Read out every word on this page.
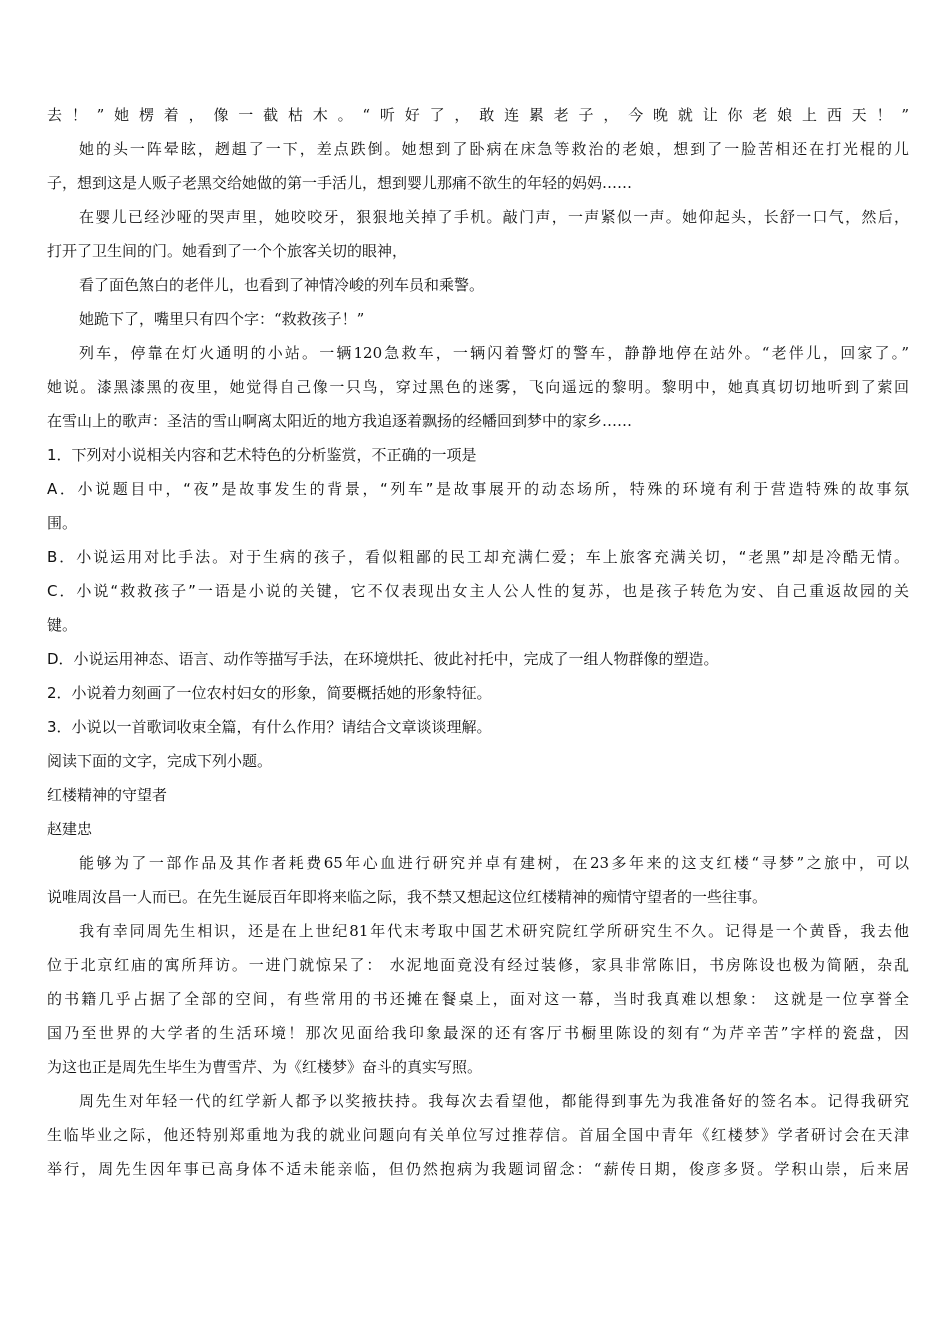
去！”她楞着，像一截枯木。“听好了，敢连累老子，今晚就让你老娘上西天！”
她的头一阵晕眩，趔趄了一下，差点跌倒。她想到了卧病在床急等救治的老娘，想到了一脸苦相还在打光棍的儿
子，想到这是人贩子老黑交给她做的第一手活儿，想到婴儿那痛不欲生的年轻的妈妈……
在婴儿已经沙哑的哭声里，她咬咬牙，狠狠地关掉了手机。敲门声，一声紧似一声。她仰起头，长舒一口气，然后，
打开了卫生间的门。她看到了一个个旅客关切的眼神，
看了面色煞白的老伴儿，也看到了神情冷峻的列车员和乘警。
她跪下了，嘴里只有四个字：“救救孩子！”
列车，停靠在灯火通明的小站。一辆120急救车，一辆闪着警灯的警车，静静地停在站外。“老伴儿，回家了。”
她说。漆黑漆黑的夜里，她觉得自己像一只鸟，穿过黑色的迷雾，飞向遥远的黎明。黎明中，她真真切切地听到了萦回
在雪山上的歌声：圣洁的雪山啊离太阳近的地方我追逐着飘扬的经幡回到梦中的家乡……
1．下列对小说相关内容和艺术特色的分析鉴赏，不正确的一项是
A．小说题目中，“夜”是故事发生的背景，“列车”是故事展开的动态场所，特殊的环境有利于营造特殊的故事氛
围。
B．小说运用对比手法。对于生病的孩子，看似粗鄙的民工却充满仁爱；车上旅客充满关切，“老黑”却是冷酷无情。
C．小说“救救孩子”一语是小说的关键，它不仅表现出女主人公人性的复苏，也是孩子转危为安、自己重返故园的关
键。
D．小说运用神态、语言、动作等描写手法，在环境烘托、彼此衬托中，完成了一组人物群像的塑造。
2．小说着力刻画了一位农村妇女的形象，简要概括她的形象特征。
3．小说以一首歌词收束全篇，有什么作用？请结合文章谈谈理解。
阅读下面的文字，完成下列小题。
红楼精神的守望者
赵建忠
能够为了一部作品及其作者耗费65年心血进行研究并卓有建树，在23多年来的这支红楼“寻梦”之旅中，可以
说唯周汝昌一人而已。在先生诞辰百年即将来临之际，我不禁又想起这位红楼精神的痴情守望者的一些往事。
我有幸同周先生相识，还是在上世纪81年代末考取中国艺术研究院红学所研究生不久。记得是一个黄昏，我去他
位于北京红庙的寓所拜访。一进门就惊呆了： 水泥地面竟没有经过装修，家具非常陈旧，书房陈设也极为简陋，杂乱
的书籍几乎占据了全部的空间，有些常用的书还摊在餐桌上，面对这一幕，当时我真难以想象： 这就是一位享誉全
国乃至世界的大学者的生活环境！那次见面给我印象最深的还有客厅书橱里陈设的刻有“为芹辛苦”字样的瓷盘，因
为这也正是周先生毕生为曹雪芹、为《红楼梦》奋斗的真实写照。
周先生对年轻一代的红学新人都予以奖掖扶持。我每次去看望他，都能得到事先为我准备好的签名本。记得我研究
生临毕业之际，他还特别郑重地为我的就业问题向有关单位写过推荐信。首届全国中青年《红楼梦》学者研讨会在天津
举行，周先生因年事已高身体不适未能亲临，但仍然抱病为我题词留念：“薪传日期，俊彦多贤。学积山崇，后来居
